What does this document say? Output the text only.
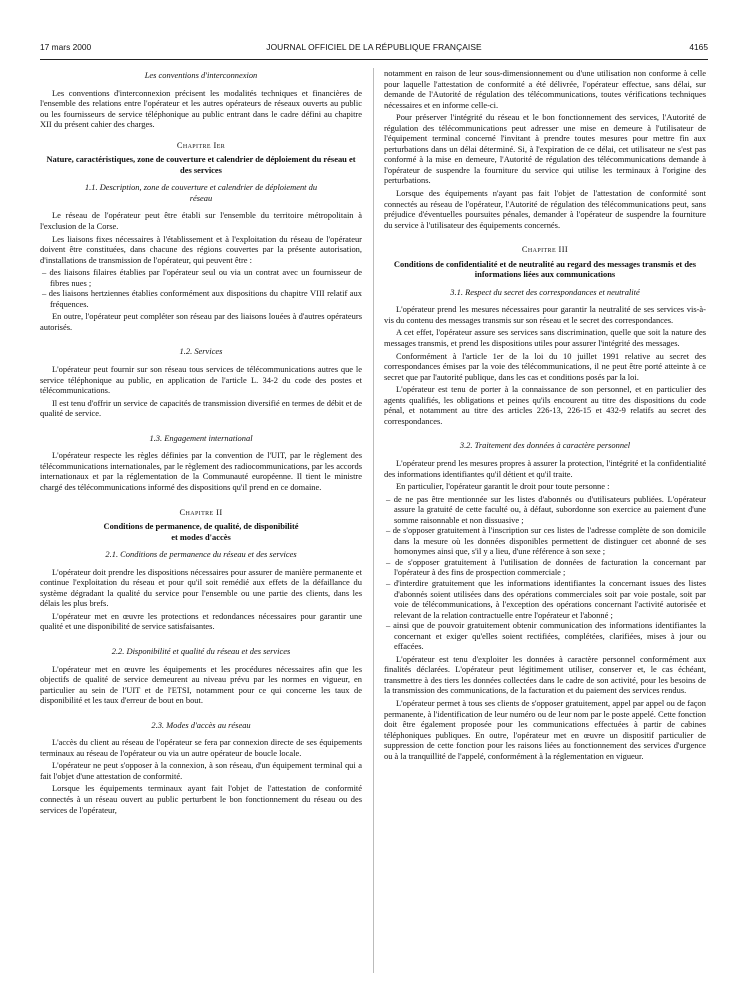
17 mars 2000	JOURNAL OFFICIEL DE LA RÉPUBLIQUE FRANÇAISE	4165
Les conventions d'interconnexion

Les conventions d'interconnexion précisent les modalités techniques et financières de l'ensemble des relations entre l'opérateur et les autres opérateurs de réseaux ouverts au public ou les fournisseurs de service téléphonique au public entrant dans le cadre défini au chapitre XII du présent cahier des charges.

Chapitre Ier
Nature, caractéristiques, zone de couverture et calendrier de déploiement du réseau et des services
1.1. Description, zone de couverture et calendrier de déploiement du réseau

Le réseau de l'opérateur peut être établi sur l'ensemble du territoire métropolitain à l'exclusion de la Corse.

Les liaisons fixes nécessaires à l'établissement et à l'exploitation du réseau de l'opérateur doivent être constituées, dans chacune des régions couvertes par la présente autorisation, d'installations de transmission de l'opérateur, qui peuvent être :

– des liaisons filaires établies par l'opérateur seul ou via un contrat avec un fournisseur de fibres nues ;
– des liaisons hertziennes établies conformément aux dispositions du chapitre VIII relatif aux fréquences.

En outre, l'opérateur peut compléter son réseau par des liaisons louées à d'autres opérateurs autorisés.

1.2. Services

L'opérateur peut fournir sur son réseau tous services de télécommunications autres que le service téléphonique au public, en application de l'article L. 34-2 du code des postes et télécommunications.

Il est tenu d'offrir un service de capacités de transmission diversifié en termes de débit et de qualité de service.

1.3. Engagement international

L'opérateur respecte les règles définies par la convention de l'UIT, par le règlement des télécommunications internationales, par le règlement des radiocommunications, par les accords internationaux et par la réglementation de la Communauté européenne. Il tient le ministre chargé des télécommunications informé des dispositions qu'il prend en ce domaine.

Chapitre II
Conditions de permanence, de qualité, de disponibilité et modes d'accès
2.1. Conditions de permanence du réseau et des services

L'opérateur doit prendre les dispositions nécessaires pour assurer de manière permanente et continue l'exploitation du réseau et pour qu'il soit remédié aux effets de la défaillance du système dégradant la qualité du service pour l'ensemble ou une partie des clients, dans les délais les plus brefs.

L'opérateur met en œuvre les protections et redondances nécessaires pour garantir une qualité et une disponibilité de service satisfaisantes.

2.2. Disponibilité et qualité du réseau et des services

L'opérateur met en œuvre les équipements et les procédures nécessaires afin que les objectifs de qualité de service demeurent au niveau prévu par les normes en vigueur, en particulier au sein de l'UIT et de l'ETSI, notamment pour ce qui concerne les taux de disponibilité et les taux d'erreur de bout en bout.

2.3. Modes d'accès au réseau

L'accès du client au réseau de l'opérateur se fera par connexion directe de ses équipements terminaux au réseau de l'opérateur ou via un autre opérateur de boucle locale.

L'opérateur ne peut s'opposer à la connexion, à son réseau, d'un équipement terminal qui a fait l'objet d'une attestation de conformité.

Lorsque les équipements terminaux ayant fait l'objet de l'attestation de conformité connectés à un réseau ouvert au public perturbent le bon fonctionnement du réseau ou des services de l'opérateur,

notamment en raison de leur sous-dimensionnement ou d'une utilisation non conforme à celle pour laquelle l'attestation de conformité a été délivrée, l'opérateur effectue, sans délai, sur demande de l'Autorité de régulation des télécommunications, toutes vérifications techniques nécessaires et en informe celle-ci.

Pour préserver l'intégrité du réseau et le bon fonctionnement des services, l'Autorité de régulation des télécommunications peut adresser une mise en demeure à l'utilisateur de l'équipement terminal concerné l'invitant à prendre toutes mesures pour mettre fin aux perturbations dans un délai déterminé. Si, à l'expiration de ce délai, cet utilisateur ne s'est pas conformé à la mise en demeure, l'Autorité de régulation des télécommunications demande à l'opérateur de suspendre la fourniture du service qui utilise les terminaux à l'origine des perturbations.

Lorsque des équipements n'ayant pas fait l'objet de l'attestation de conformité sont connectés au réseau de l'opérateur, l'Autorité de régulation des télécommunications peut, sans préjudice d'éventuelles poursuites pénales, demander à l'opérateur de suspendre la fourniture du service à l'utilisateur des équipements concernés.

Chapitre III
Conditions de confidentialité et de neutralité au regard des messages transmis et des informations liées aux communications
3.1. Respect du secret des correspondances et neutralité

L'opérateur prend les mesures nécessaires pour garantir la neutralité de ses services vis-à-vis du contenu des messages transmis sur son réseau et le secret des correspondances.

A cet effet, l'opérateur assure ses services sans discrimination, quelle que soit la nature des messages transmis, et prend les dispositions utiles pour assurer l'intégrité des messages.

Conformément à l'article 1er de la loi du 10 juillet 1991 relative au secret des correspondances émises par la voie des télécommunications, il ne peut être porté atteinte à ce secret que par l'autorité publique, dans les cas et conditions posés par la loi.

L'opérateur est tenu de porter à la connaissance de son personnel, et en particulier des agents qualifiés, les obligations et peines qu'ils encourent au titre des dispositions du code pénal, et notamment au titre des articles 226-13, 226-15 et 432-9 relatifs au secret des correspondances.

3.2. Traitement des données à caractère personnel

L'opérateur prend les mesures propres à assurer la protection, l'intégrité et la confidentialité des informations identifiantes qu'il détient et qu'il traite.

En particulier, l'opérateur garantit le droit pour toute personne :

– de ne pas être mentionnée sur les listes d'abonnés ou d'utilisateurs publiées. L'opérateur assure la gratuité de cette faculté ou, à défaut, subordonne son exercice au paiement d'une somme raisonnable et non dissuasive ;
– de s'opposer gratuitement à l'inscription sur ces listes de l'adresse complète de son domicile dans la mesure où les données disponibles permettent de distinguer cet abonné de ses homonymes ainsi que, s'il y a lieu, d'une référence à son sexe ;
– de s'opposer gratuitement à l'utilisation de données de facturation la concernant par l'opérateur à des fins de prospection commerciale ;
– d'interdire gratuitement que les informations identifiantes la concernant issues des listes d'abonnés soient utilisées dans des opérations commerciales soit par voie postale, soit par voie de télécommunications, à l'exception des opérations concernant l'activité autorisée et relevant de la relation contractuelle entre l'opérateur et l'abonné ;
– ainsi que de pouvoir gratuitement obtenir communication des informations identifiantes la concernant et exiger qu'elles soient rectifiées, complétées, clarifiées, mises à jour ou effacées.

L'opérateur est tenu d'exploiter les données à caractère personnel conformément aux finalités déclarées. L'opérateur peut légitimement utiliser, conserver et, le cas échéant, transmettre à des tiers les données collectées dans le cadre de son activité, pour les besoins de la transmission des communications, de la facturation et du paiement des services rendus.

L'opérateur permet à tous ses clients de s'opposer gratuitement, appel par appel ou de façon permanente, à l'identification de leur numéro ou de leur nom par le poste appelé. Cette fonction doit être également proposée pour les communications effectuées à partir de cabines téléphoniques publiques. En outre, l'opérateur met en œuvre un dispositif particulier de suppression de cette fonction pour les raisons liées au fonctionnement des services d'urgence ou à la tranquillité de l'appelé, conformément à la réglementation en vigueur.
